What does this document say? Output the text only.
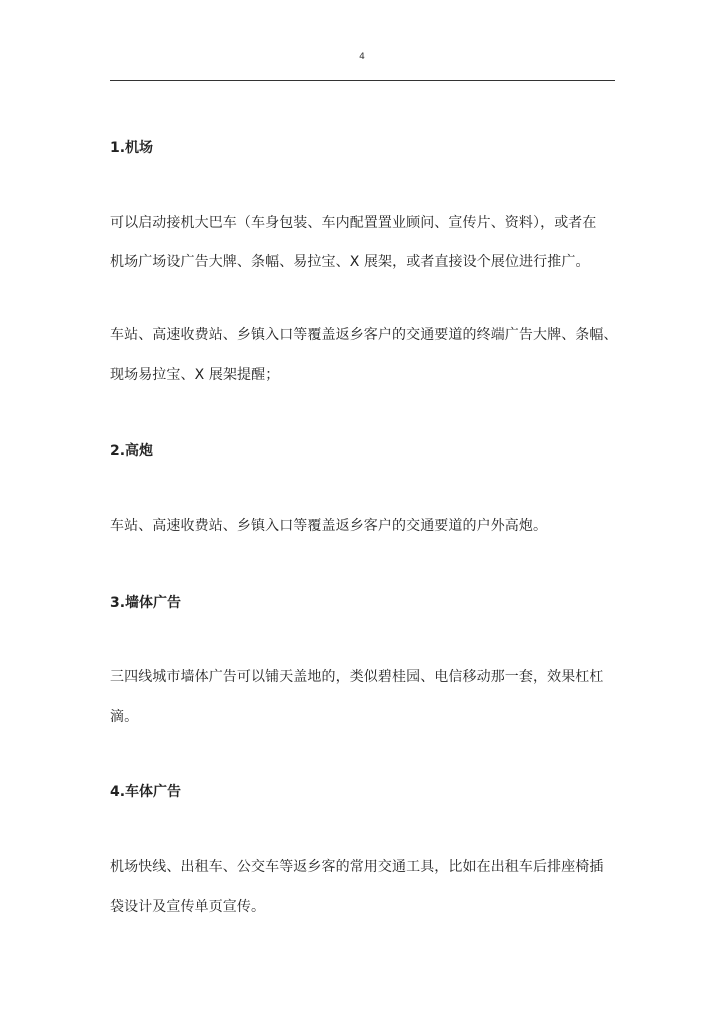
4
1.机场
可以启动接机大巴车（车身包装、车内配置置业顾问、宣传片、资料），或者在
机场广场设广告大牌、条幅、易拉宝、X 展架，或者直接设个展位进行推广。
车站、高速收费站、乡镇入口等覆盖返乡客户的交通要道的终端广告大牌、条幅、
现场易拉宝、X 展架提醒；
2.高炮
车站、高速收费站、乡镇入口等覆盖返乡客户的交通要道的户外高炮。
3.墙体广告
三四线城市墙体广告可以铺天盖地的，类似碧桂园、电信移动那一套，效果杠杠
滴。
4.车体广告
机场快线、出租车、公交车等返乡客的常用交通工具，比如在出租车后排座椅插
袋设计及宣传单页宣传。
